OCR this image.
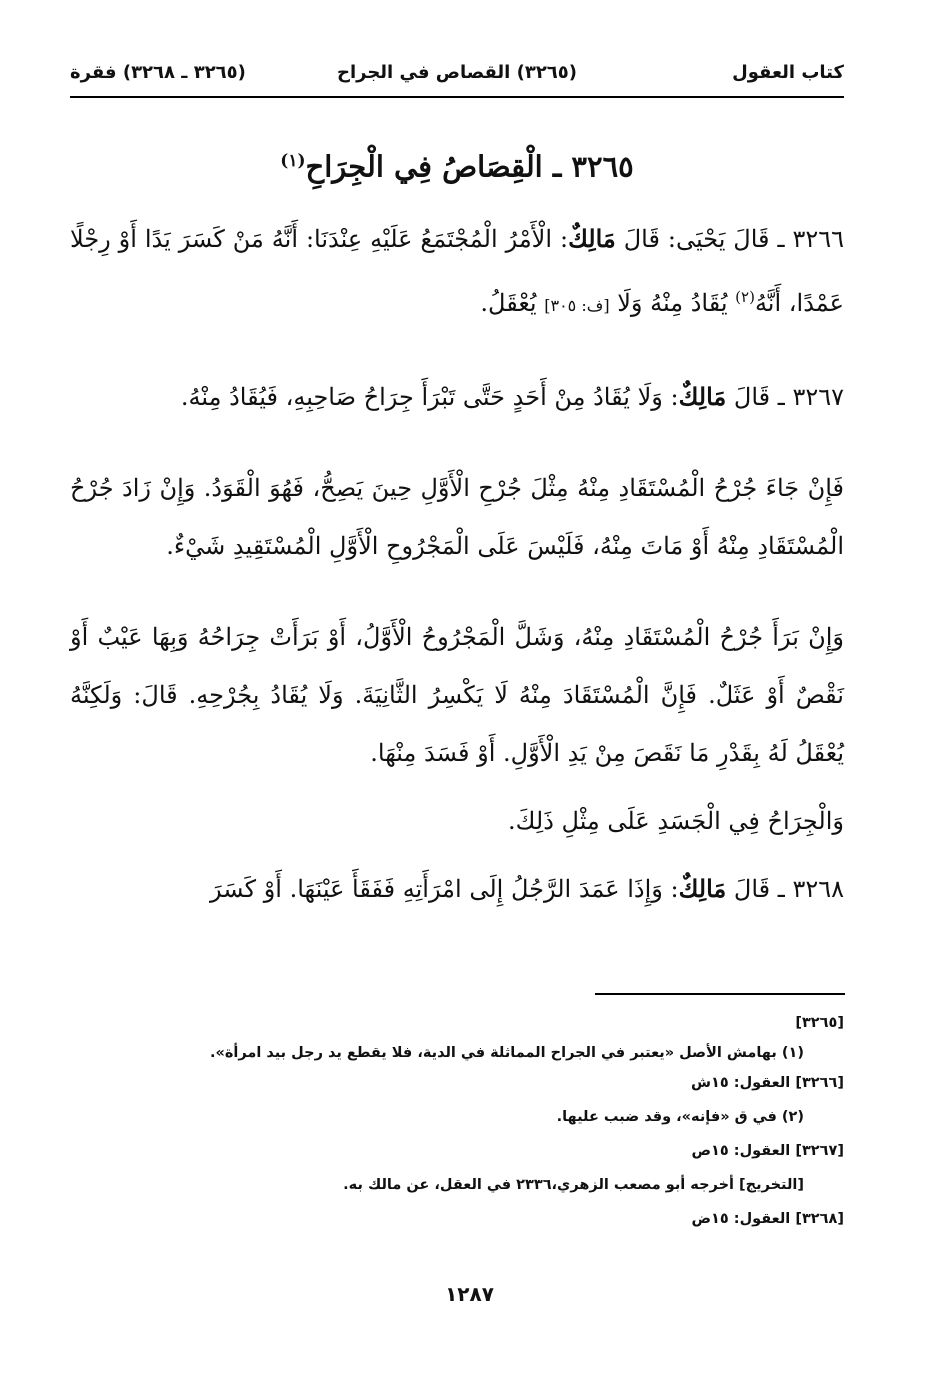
كتاب العقول
(٣٢٦٥) القصاص في الجراح
(٣٢٦٥ ـ ٣٢٦٨) فقرة
٣٢٦٥ ـ الْقِصَاصُ فِي الْجِرَاحِ$^{(١)}$

٣٢٦٦ ـ قَالَ يَحْيَى: قَالَ مَالِكٌ: الْأَمْرُ الْمُجْتَمَعُ عَلَيْهِ عِنْدَنَا: أَنَّهُ مَنْ كَسَرَ يَدًا أَوْ رِجْلًا عَمْدًا، أَنَّهُ$^{(٢)}$ يُقَادُ مِنْهُ وَلَا [ف: ٣٠٥] يُعْقَلُ.

٣٢٦٧ ـ قَالَ مَالِكٌ: وَلَا يُقَادُ مِنْ أَحَدٍ حَتَّى تَبْرَأَ جِرَاحُ صَاحِبِهِ، فَيُقَادُ مِنْهُ.

فَإِنْ جَاءَ جُرْحُ الْمُسْتَقَادِ مِنْهُ مِثْلَ جُرْحِ الْأَوَّلِ حِينَ يَصِحُّ، فَهُوَ الْقَوَدُ. وَإِنْ زَادَ جُرْحُ الْمُسْتَقَادِ مِنْهُ أَوْ مَاتَ مِنْهُ، فَلَيْسَ عَلَى الْمَجْرُوحِ الْأَوَّلِ الْمُسْتَقِيدِ شَيْءٌ.

وَإِنْ بَرَأَ جُرْحُ الْمُسْتَقَادِ مِنْهُ، وَشَلَّ الْمَجْرُوحُ الْأَوَّلُ، أَوْ بَرَأَتْ جِرَاحُهُ وَبِهَا عَيْبٌ أَوْ نَقْصٌ أَوْ عَثَلٌ. فَإِنَّ الْمُسْتَقَادَ مِنْهُ لَا يَكْسِرُ الثَّانِيَةَ. وَلَا يُقَادُ بِجُرْحِهِ. قَالَ: وَلَكِنَّهُ يُعْقَلُ لَهُ بِقَدْرِ مَا نَقَصَ مِنْ يَدِ الْأَوَّلِ. أَوْ فَسَدَ مِنْهَا.

وَالْجِرَاحُ فِي الْجَسَدِ عَلَى مِثْلِ ذَلِكَ.

٣٢٦٨ ـ قَالَ مَالِكٌ: وَإِذَا عَمَدَ الرَّجُلُ إِلَى امْرَأَتِهِ فَفَقَأَ عَيْنَهَا. أَوْ كَسَرَ

[٣٢٦٥]
(١) بهامش الأصل «يعتبر في الجراح المماثلة في الدية، فلا يقطع يد رجل بيد امرأة».
[٣٢٦٦] العقول: ١٥ش
(٢) في ق «فإنه»، وقد ضبب عليها.
[٣٢٦٧] العقول: ١٥ص
[التخريج] أخرجه أبو مصعب الزهري،٢٣٣٦ في العقل، عن مالك به.
[٣٢٦٨] العقول: ١٥ض
١٢٨٧
